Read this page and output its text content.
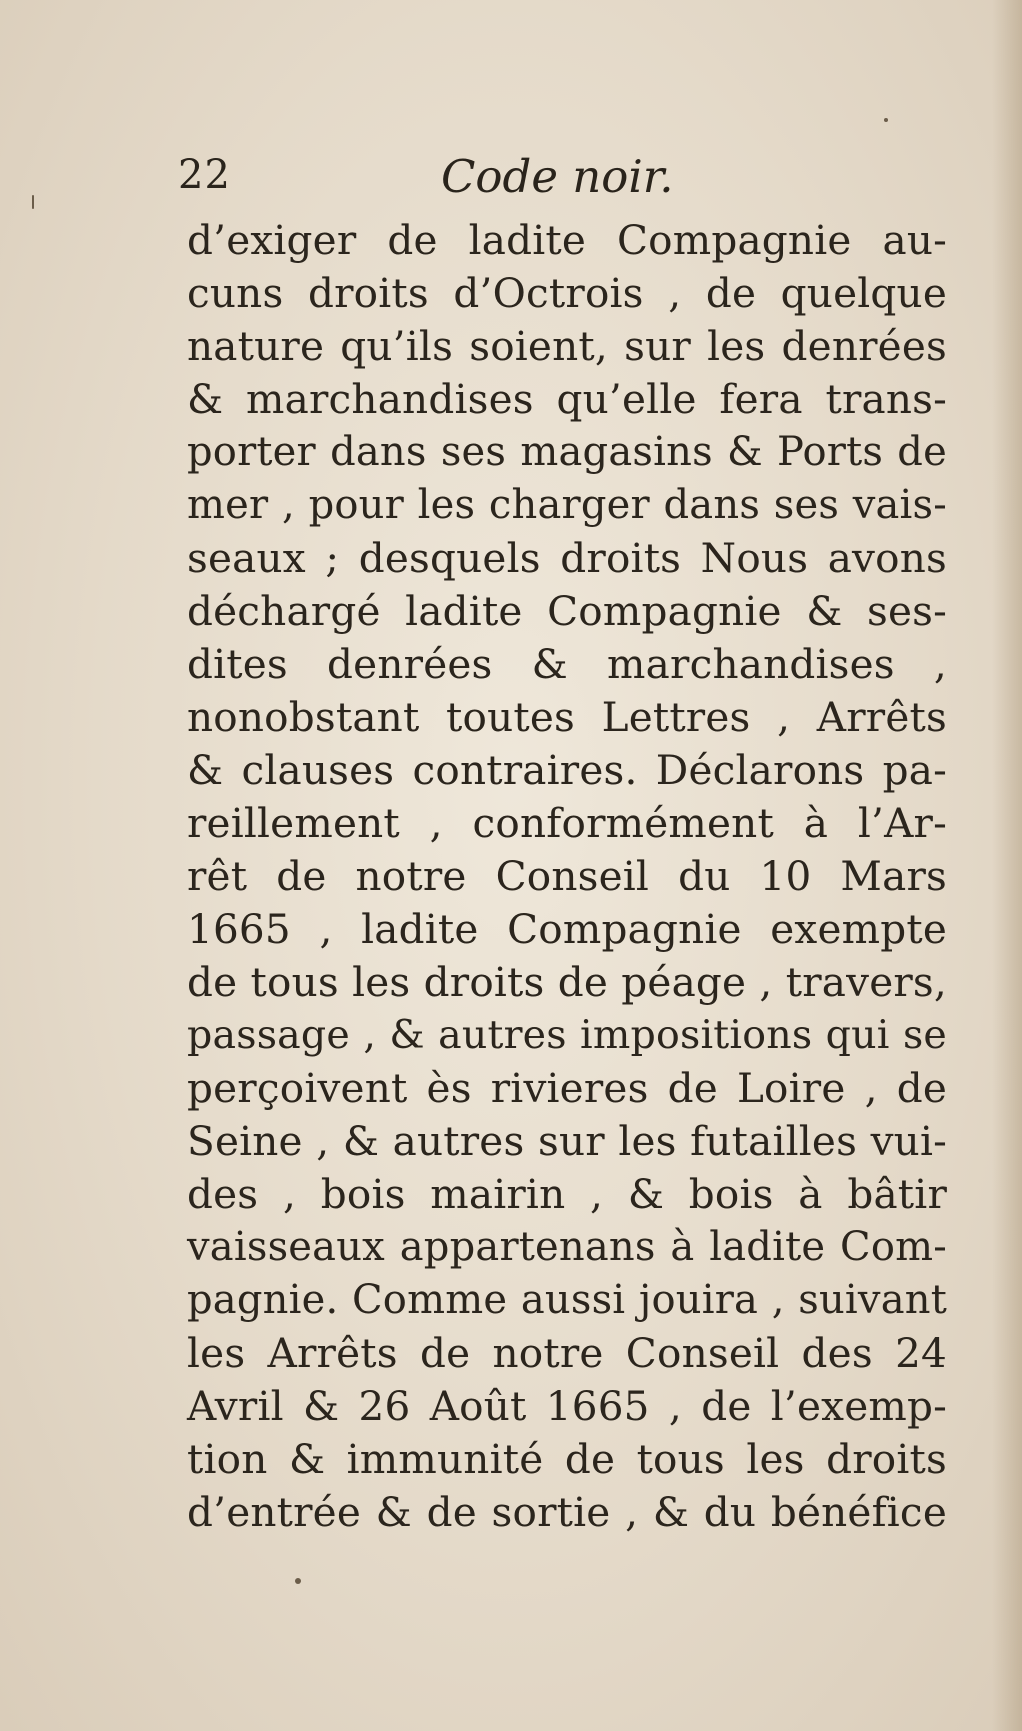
22	Code noir.
d’exiger de ladite Compagnie au-
cuns droits d’Octrois , de quelque
nature qu’ils soient, sur les denrées
& marchandises qu’elle fera trans-
porter dans ses magasins & Ports de
mer , pour les charger dans ses vais-
seaux ; desquels droits Nous avons
déchargé ladite Compagnie & ses-
dites denrées & marchandises ,
nonobstant toutes Lettres , Arrêts
& clauses contraires. Déclarons pa-
reillement , conformément à l’Ar-
rêt de notre Conseil du 10 Mars
1665 , ladite Compagnie exempte
de tous les droits de péage , travers,
passage , & autres impositions qui se
perçoivent ès rivieres de Loire , de
Seine , & autres sur les futailles vui-
des , bois mairin , & bois à bâtir
vaisseaux appartenans à ladite Com-
pagnie. Comme aussi jouira , suivant
les Arrêts de notre Conseil des 24
Avril & 26 Août 1665 , de l’exemp-
tion & immunité de tous les droits
d’entrée & de sortie , & du bénéfice
